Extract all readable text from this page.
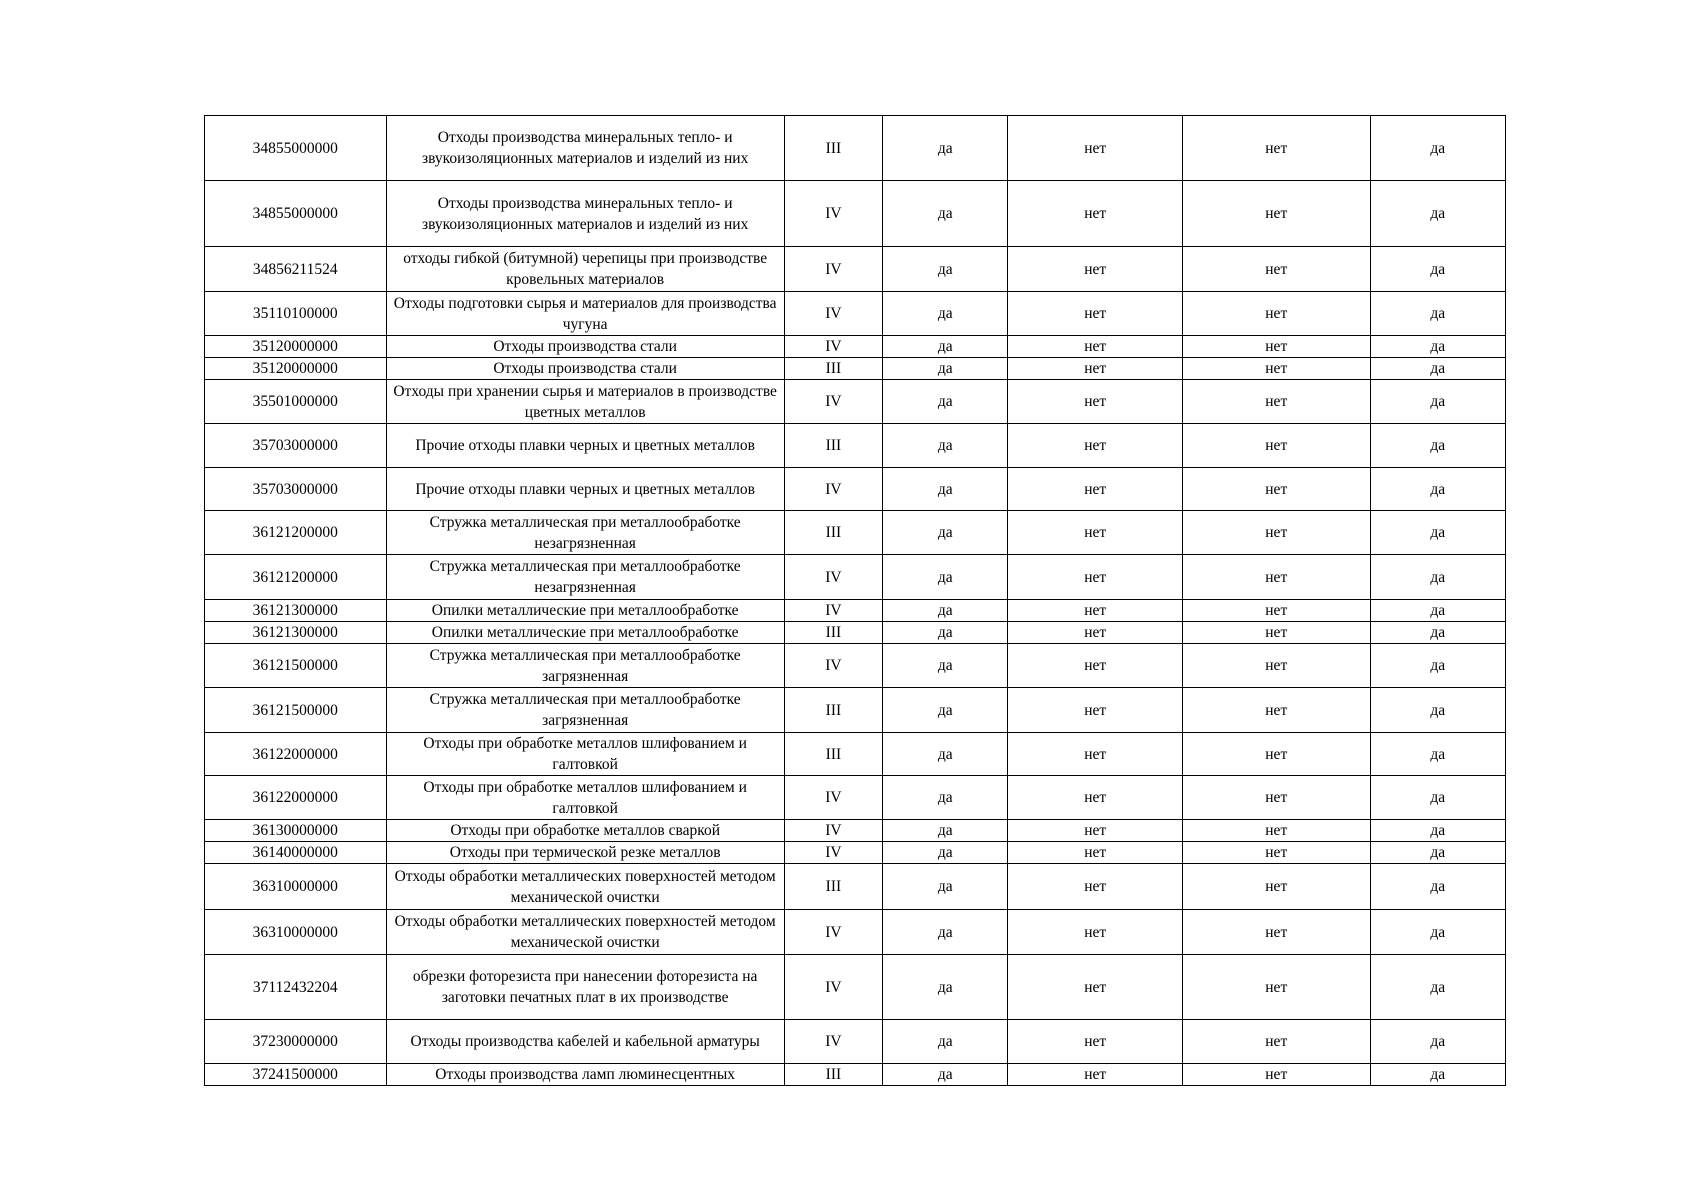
34855000000	Отходы производства минеральных тепло- и звукоизоляционных материалов и изделий из них	III	да	нет	нет	да
34855000000	Отходы производства минеральных тепло- и звукоизоляционных материалов и изделий из них	IV	да	нет	нет	да
34856211524	отходы гибкой (битумной) черепицы при производстве кровельных материалов	IV	да	нет	нет	да
35110100000	Отходы подготовки сырья и материалов для производства чугуна	IV	да	нет	нет	да
35120000000	Отходы производства стали	IV	да	нет	нет	да
35120000000	Отходы производства стали	III	да	нет	нет	да
35501000000	Отходы при хранении сырья и материалов в производстве цветных металлов	IV	да	нет	нет	да
35703000000	Прочие отходы плавки черных и цветных металлов	III	да	нет	нет	да
35703000000	Прочие отходы плавки черных и цветных металлов	IV	да	нет	нет	да
36121200000	Стружка металлическая при металлообработке незагрязненная	III	да	нет	нет	да
36121200000	Стружка металлическая при металлообработке незагрязненная	IV	да	нет	нет	да
36121300000	Опилки металлические при металлообработке	IV	да	нет	нет	да
36121300000	Опилки металлические при металлообработке	III	да	нет	нет	да
36121500000	Стружка металлическая при металлообработке загрязненная	IV	да	нет	нет	да
36121500000	Стружка металлическая при металлообработке загрязненная	III	да	нет	нет	да
36122000000	Отходы при обработке металлов шлифованием и галтовкой	III	да	нет	нет	да
36122000000	Отходы при обработке металлов шлифованием и галтовкой	IV	да	нет	нет	да
36130000000	Отходы при обработке металлов сваркой	IV	да	нет	нет	да
36140000000	Отходы при термической резке металлов	IV	да	нет	нет	да
36310000000	Отходы обработки металлических поверхностей методом механической очистки	III	да	нет	нет	да
36310000000	Отходы обработки металлических поверхностей методом механической очистки	IV	да	нет	нет	да
37112432204	обрезки фоторезиста при нанесении фоторезиста на заготовки печатных плат в их производстве	IV	да	нет	нет	да
37230000000	Отходы производства кабелей и кабельной арматуры	IV	да	нет	нет	да
37241500000	Отходы производства ламп люминесцентных	III	да	нет	нет	да
